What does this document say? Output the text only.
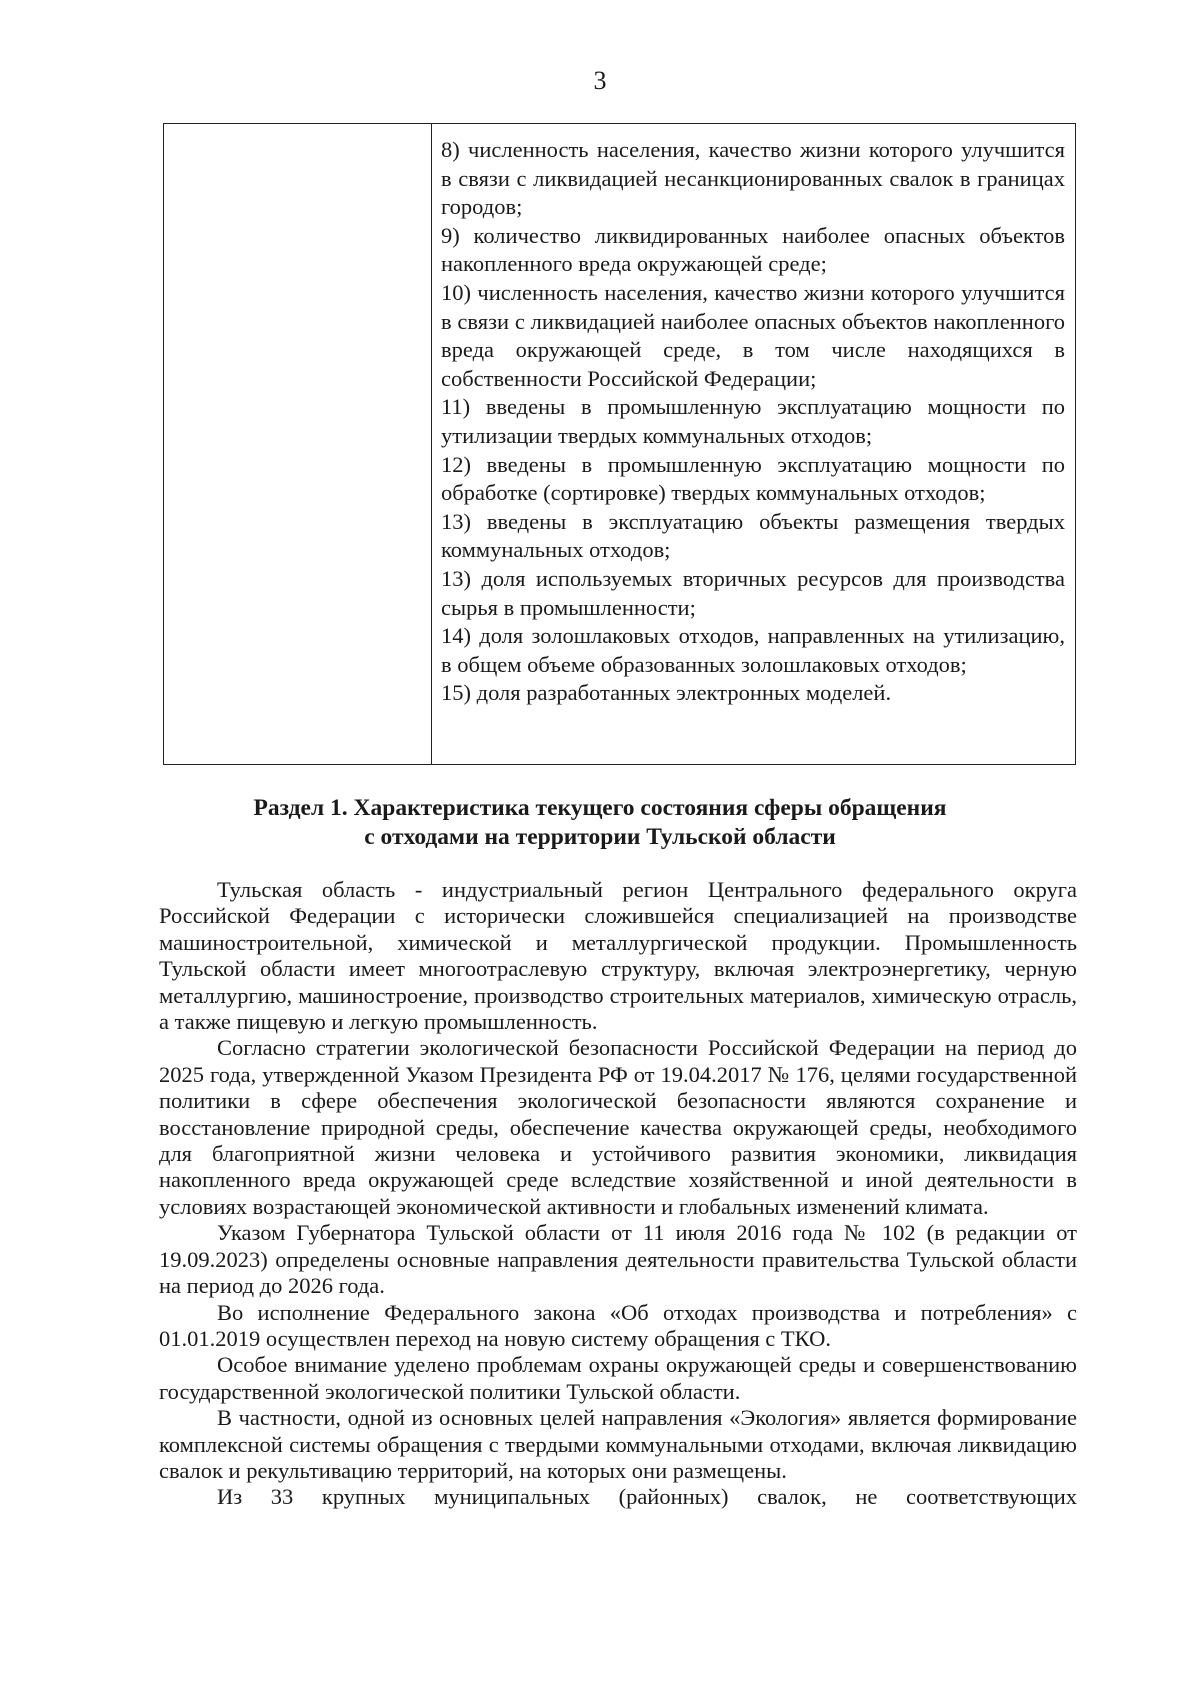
3
8) численность населения, качество жизни которого улучшится в связи с ликвидацией несанкционированных свалок в границах городов;
9) количество ликвидированных наиболее опасных объектов накопленного вреда окружающей среде;
10) численность населения, качество жизни которого улучшится в связи с ликвидацией наиболее опасных объектов накопленного вреда окружающей среде, в том числе находящихся в собственности Российской Федерации;
11) введены в промышленную эксплуатацию мощности по утилизации твердых коммунальных отходов;
12) введены в промышленную эксплуатацию мощности по обработке (сортировке) твердых коммунальных отходов;
13) введены в эксплуатацию объекты размещения твердых коммунальных отходов;
13) доля используемых вторичных ресурсов для производства сырья в промышленности;
14) доля золошлаковых отходов, направленных на утилизацию, в общем объеме образованных золошлаковых отходов;
15) доля разработанных электронных моделей.
Раздел 1. Характеристика текущего состояния сферы обращения
с отходами на территории Тульской области

Тульская область - индустриальный регион Центрального федерального округа Российской Федерации с исторически сложившейся специализацией на производстве машиностроительной, химической и металлургической продукции. Промышленность Тульской области имеет многоотраслевую структуру, включая электроэнергетику, черную металлургию, машиностроение, производство строительных материалов, химическую отрасль, а также пищевую и легкую промышленность.

Согласно стратегии экологической безопасности Российской Федерации на период до 2025 года, утвержденной Указом Президента РФ от 19.04.2017 № 176, целями государственной политики в сфере обеспечения экологической безопасности являются сохранение и восстановление природной среды, обеспечение качества окружающей среды, необходимого для благоприятной жизни человека и устойчивого развития экономики, ликвидация накопленного вреда окружающей среде вследствие хозяйственной и иной деятельности в условиях возрастающей экономической активности и глобальных изменений климата.

Указом Губернатора Тульской области от 11 июля 2016 года № 102 (в редакции от 19.09.2023) определены основные направления деятельности правительства Тульской области на период до 2026 года.

Во исполнение Федерального закона «Об отходах производства и потребления» с 01.01.2019 осуществлен переход на новую систему обращения с ТКО.

Особое внимание уделено проблемам охраны окружающей среды и совершенствованию государственной экологической политики Тульской области.

В частности, одной из основных целей направления «Экология» является формирование комплексной системы обращения с твердыми коммунальными отходами, включая ликвидацию свалок и рекультивацию территорий, на которых они размещены.

Из 33 крупных муниципальных (районных) свалок, не соответствующих
